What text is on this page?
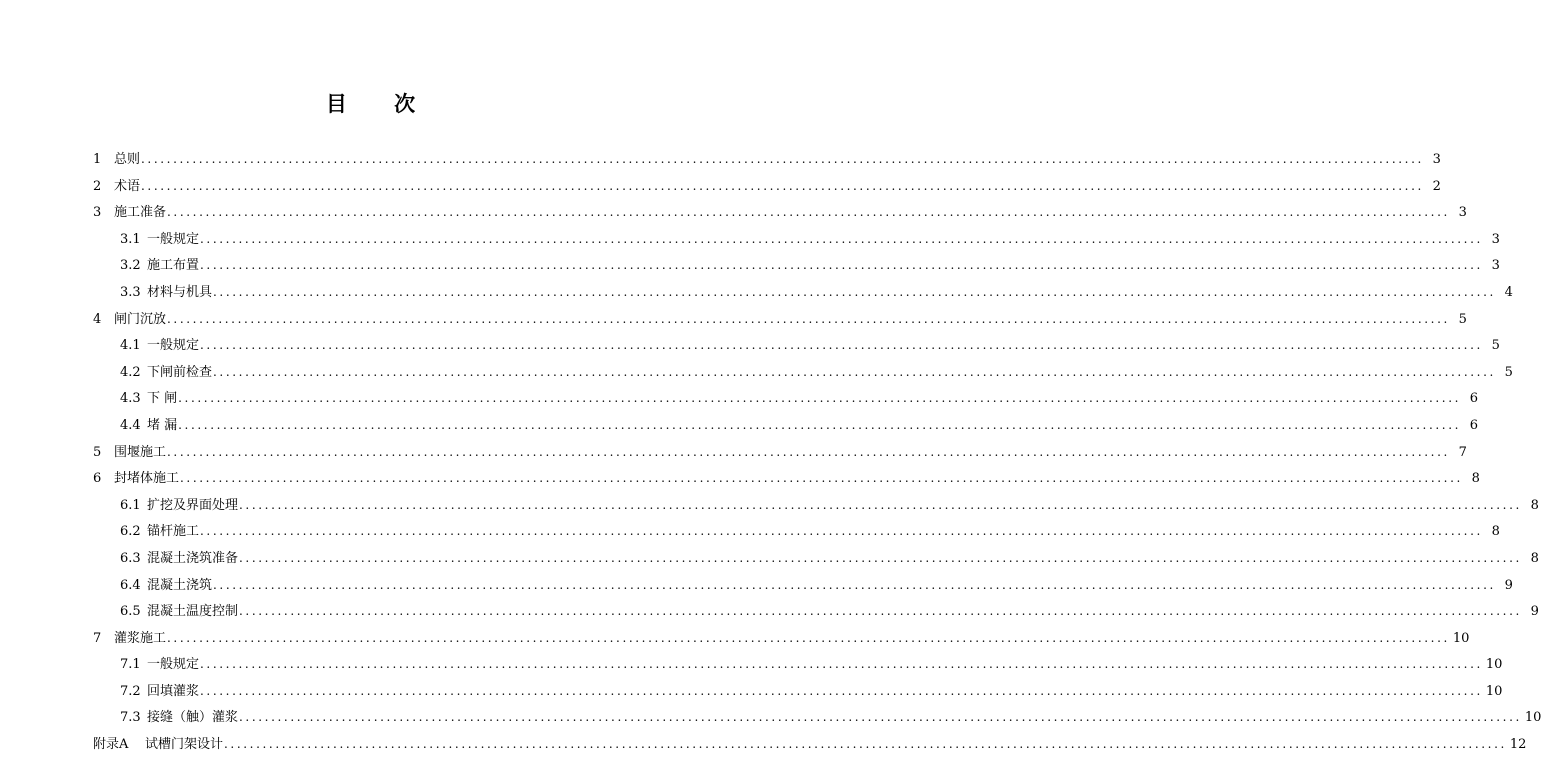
目 次
1 总则 ........................................................................................................................................................................................................ 3
2 术语 ........................................................................................................................................................................................................ 2
3 施工准备 ........................................................................................................................................................................................................ 3
3.1 一般规定 ........................................................................................................................................................................................................ 3
3.2 施工布置 ........................................................................................................................................................................................................ 3
3.3 材料与机具 ........................................................................................................................................................................................................ 4
4 闸门沉放 ........................................................................................................................................................................................................ 5
4.1 一般规定 ........................................................................................................................................................................................................ 5
4.2 下闸前检查 ........................................................................................................................................................................................................ 5
4.3 下 闸 ........................................................................................................................................................................................................ 6
4.4 堵 漏 ........................................................................................................................................................................................................ 6
5 围堰施工 ........................................................................................................................................................................................................ 7
6 封堵体施工 ........................................................................................................................................................................................................ 8
6.1 扩挖及界面处理 ........................................................................................................................................................................................................ 8
6.2 锚杆施工 ........................................................................................................................................................................................................ 8
6.3 混凝土浇筑准备 ........................................................................................................................................................................................................ 8
6.4 混凝土浇筑 ........................................................................................................................................................................................................ 9
6.5 混凝土温度控制 ........................................................................................................................................................................................................ 9
7 灌浆施工 ........................................................................................................................................................................................................ 10
7.1 一般规定 ........................................................................................................................................................................................................ 10
7.2 回填灌浆 ........................................................................................................................................................................................................ 10
7.3 接缝（触）灌浆 ........................................................................................................................................................................................................ 10
附录A	试槽门架设计 ........................................................................................................................................................................................................ 12
